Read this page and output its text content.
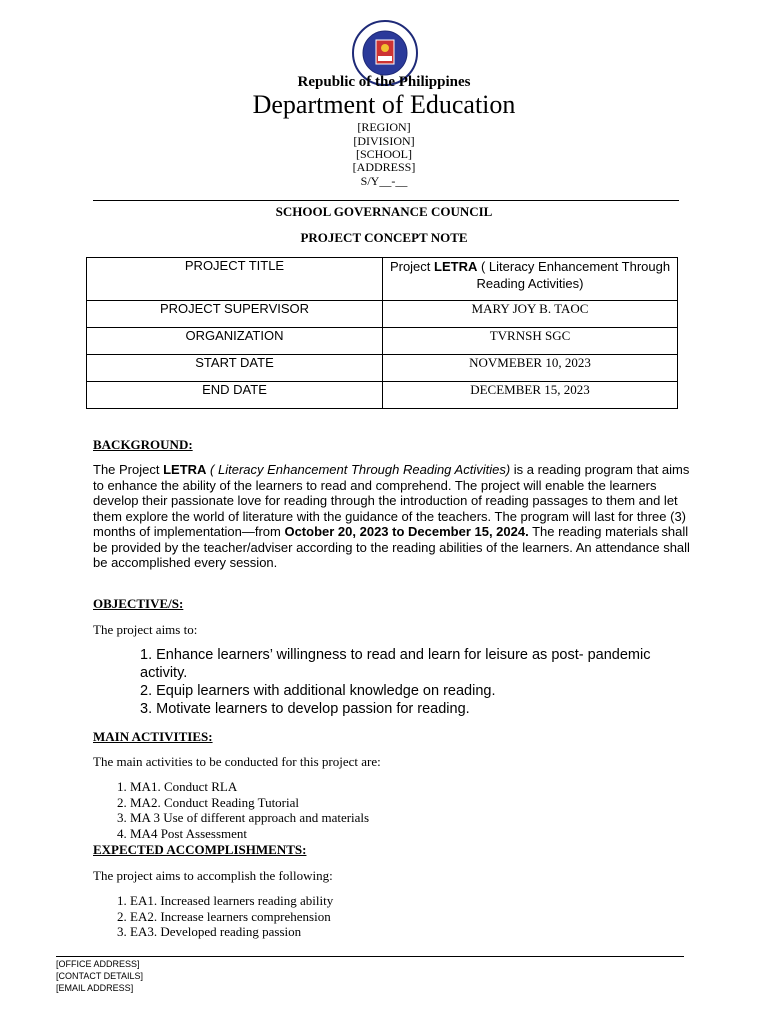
Republic of the Philippines
Department of Education
[REGION]
[DIVISION]
[SCHOOL]
[ADDRESS]
S/Y__-__
SCHOOL GOVERNANCE COUNCIL
PROJECT CONCEPT NOTE
PROJECT TITLE	Project LETRA ( Literacy Enhancement Through Reading Activities)
PROJECT SUPERVISOR	MARY JOY B. TAOC
ORGANIZATION	TVRNSH SGC
START DATE	NOVMEBER 10, 2023
END DATE	DECEMBER 15, 2023
BACKGROUND:
The Project LETRA ( Literacy Enhancement Through Reading Activities) is a reading program that aims to enhance the ability of the learners to read and comprehend. The project will enable the learners develop their passionate love for reading through the introduction of reading passages to them and let them explore the world of literature with the guidance of the teachers. The program will last for three (3) months of implementation—from October 20, 2023 to December 15, 2024. The reading materials shall be provided by the teacher/adviser according to the reading abilities of the learners. An attendance shall be accomplished every session.
OBJECTIVE/S:
The project aims to:
1. Enhance learners’ willingness to read and learn for leisure as post- pandemic activity.
2. Equip learners with additional knowledge on reading.
3. Motivate learners to develop passion for reading.
MAIN ACTIVITIES:
The main activities to be conducted for this project are:
1. MA1. Conduct RLA
2. MA2. Conduct Reading Tutorial
3. MA 3 Use of different approach and materials
4. MA4 Post Assessment
EXPECTED ACCOMPLISHMENTS:
The project aims to accomplish the following:
1. EA1. Increased learners reading ability
2. EA2. Increase learners comprehension
3. EA3. Developed reading passion
[OFFICE ADDRESS]
[CONTACT DETAILS]
[EMAIL ADDRESS]
